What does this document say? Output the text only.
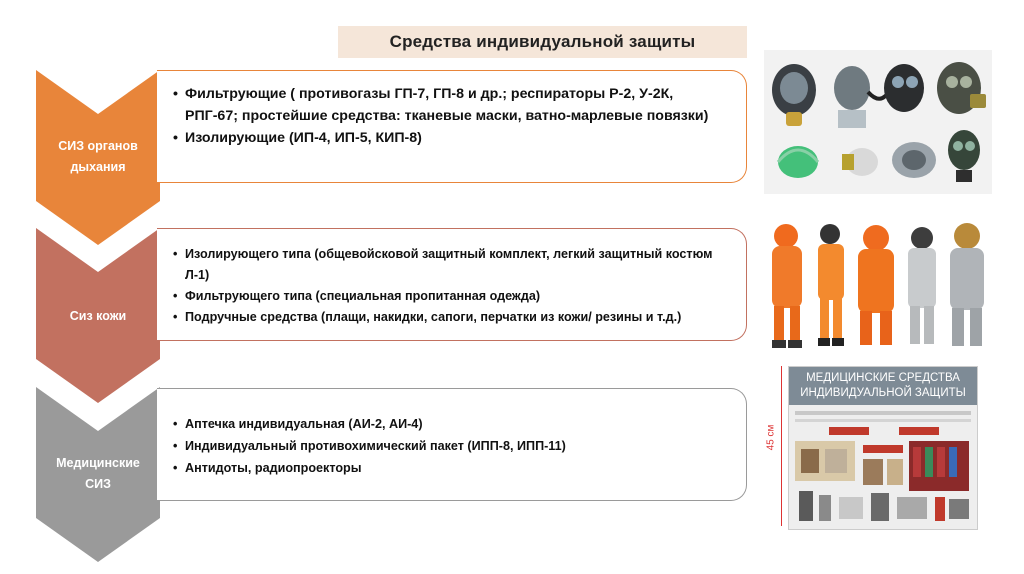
Средства индивидуальной защиты
СИЗ органов
дыхания
Сиз кожи
Медицинские
СИЗ
• Фильтрующие ( противогазы ГП-7, ГП-8 и др.; респираторы Р-2, У-2К, РПГ-67; простейшие средства: тканевые маски, ватно-марлевые повязки)
• Изолирующие (ИП-4, ИП-5, КИП-8)
• Изолирующего типа (общевойсковой защитный комплект, легкий защитный костюм Л-1)
• Фильтрующего типа (специальная пропитанная одежда)
• Подручные средства (плащи, накидки, сапоги, перчатки из кожи/ резины и т.д.)
• Аптечка индивидуальная (АИ-2, АИ-4)
• Индивидуальный противохимический пакет (ИПП-8, ИПП-11)
• Антидоты, радиопроекторы
45 см
МЕДИЦИНСКИЕ СРЕДСТВА
ИНДИВИДУАЛЬНОЙ ЗАЩИТЫ
